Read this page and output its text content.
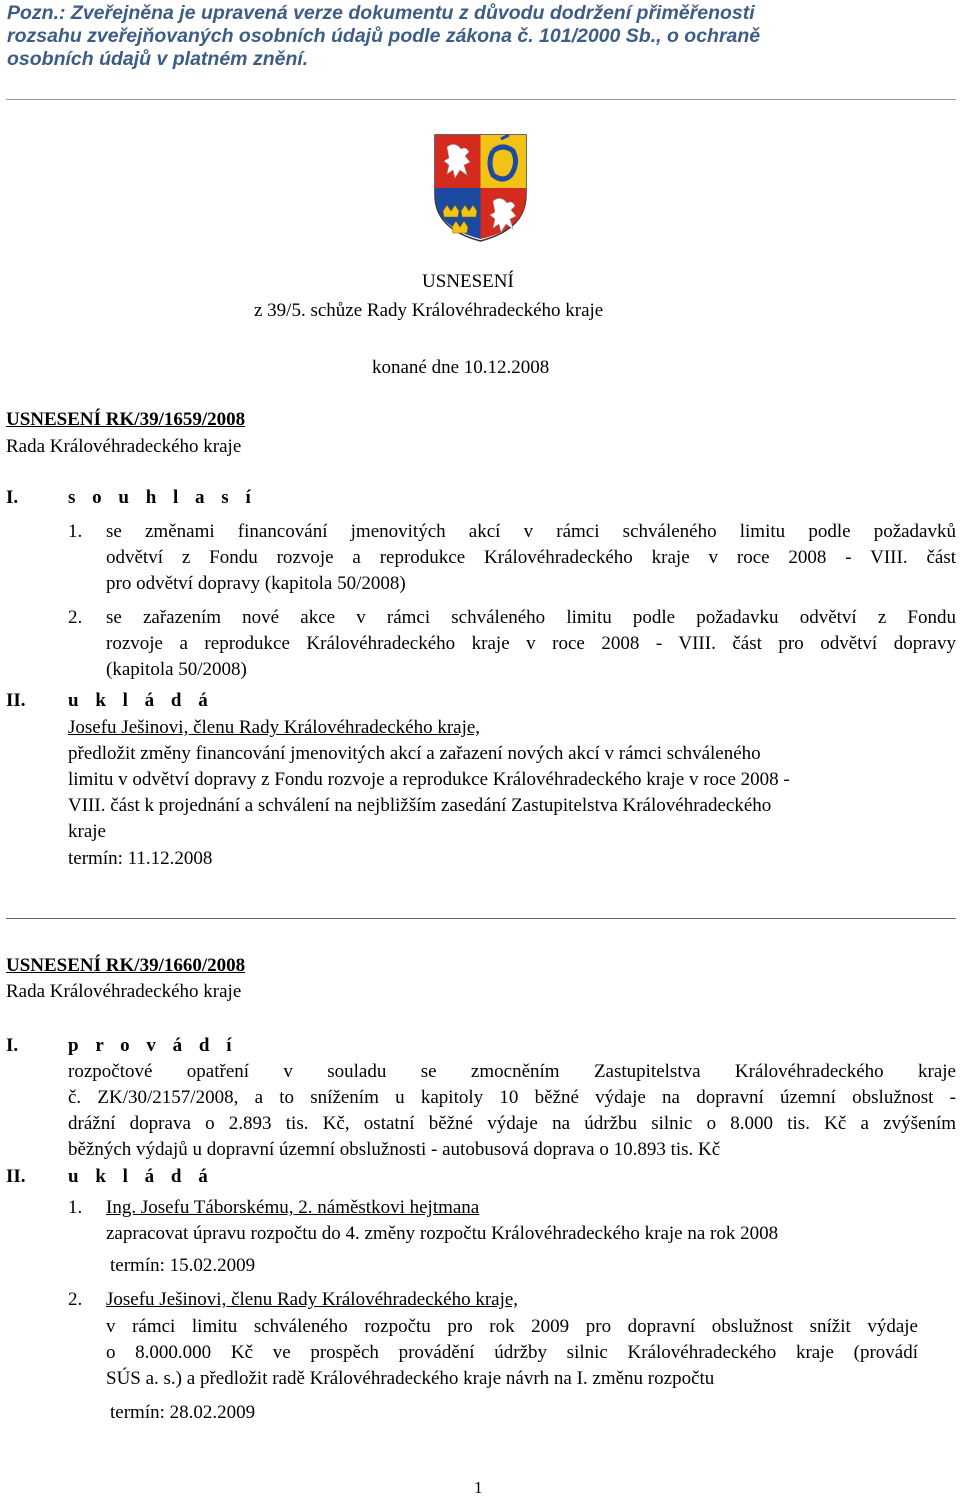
Pozn.: Zveřejněna je upravená verze dokumentu z důvodu dodržení přiměřenosti
rozsahu zveřejňovaných osobních údajů podle zákona č. 101/2000 Sb., o ochraně
osobních údajů v platném znění.
USNESENÍ
z 39/5. schůze Rady Královéhradeckého kraje
konané dne 10.12.2008
USNESENÍ RK/39/1659/2008
Rada Královéhradeckého kraje
I.	s o u h l a s í
1. se změnami financování jmenovitých akcí v rámci schváleného limitu podle požadavků
odvětví z Fondu rozvoje a reprodukce Královéhradeckého kraje v roce 2008 - VIII. část
pro odvětví dopravy (kapitola 50/2008)
2. se zařazením nové akce v rámci schváleného limitu podle požadavku odvětví z Fondu
rozvoje a reprodukce Královéhradeckého kraje v roce 2008 - VIII. část pro odvětví dopravy
(kapitola 50/2008)
II. u k l á d á
Josefu Ješinovi, členu Rady Královéhradeckého kraje,
předložit změny financování jmenovitých akcí a zařazení nových akcí v rámci schváleného
limitu v odvětví dopravy z Fondu rozvoje a reprodukce Královéhradeckého kraje v roce 2008 -
VIII. část k projednání a schválení na nejbližším zasedání Zastupitelstva Královéhradeckého
kraje
termín: 11.12.2008
USNESENÍ RK/39/1660/2008
Rada Královéhradeckého kraje
I.	p r o v á d í
rozpočtové opatření v souladu se zmocněním Zastupitelstva Královéhradeckého kraje
č. ZK/30/2157/2008, a to snížením u kapitoly 10 běžné výdaje na dopravní územní obslužnost -
drážní doprava o 2.893 tis. Kč, ostatní běžné výdaje na údržbu silnic o 8.000 tis. Kč a zvýšením
běžných výdajů u dopravní územní obslužnosti - autobusová doprava o 10.893 tis. Kč
II. u k l á d á
1. Ing. Josefu Táborskému, 2. náměstkovi hejtmana
zapracovat úpravu rozpočtu do 4. změny rozpočtu Královéhradeckého kraje na rok 2008
termín: 15.02.2009
2. Josefu Ješinovi, členu Rady Královéhradeckého kraje,
v rámci limitu schváleného rozpočtu pro rok 2009 pro dopravní obslužnost snížit výdaje
o 8.000.000 Kč ve prospěch provádění údržby silnic Královéhradeckého kraje (provádí
SÚS a. s.) a předložit radě Královéhradeckého kraje návrh na I. změnu rozpočtu
termín: 28.02.2009
1
